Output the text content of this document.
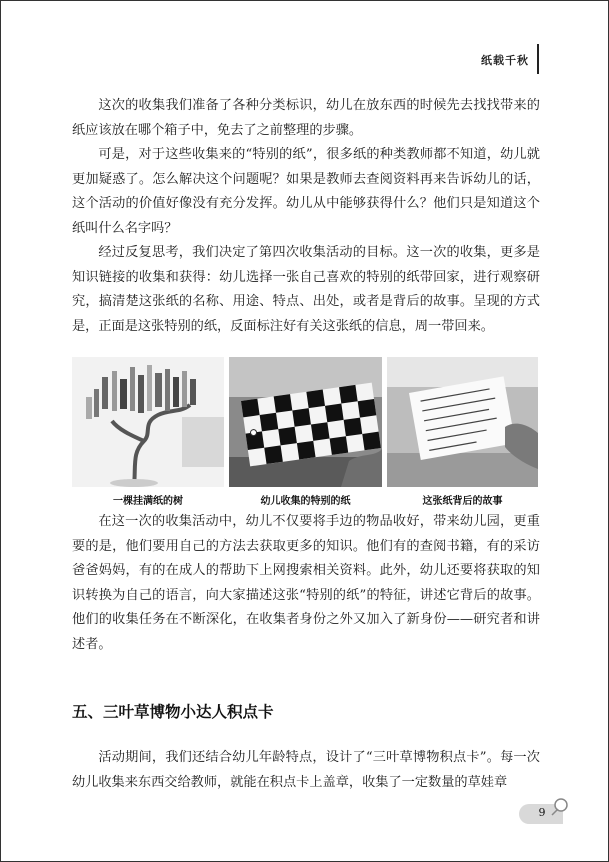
纸载千秋

这次的收集我们准备了各种分类标识，幼儿在放东西的时候先去找找带来的纸应该放在哪个箱子中，免去了之前整理的步骤。

可是，对于这些收集来的“特别的纸”，很多纸的种类教师都不知道，幼儿就更加疑惑了。怎么解决这个问题呢？如果是教师去查阅资料再来告诉幼儿的话，这个活动的价值好像没有充分发挥。幼儿从中能够获得什么？他们只是知道这个纸叫什么名字吗？

经过反复思考，我们决定了第四次收集活动的目标。这一次的收集，更多是知识链接的收集和获得：幼儿选择一张自己喜欢的特别的纸带回家，进行观察研究，搞清楚这张纸的名称、用途、特点、出处，或者是背后的故事。呈现的方式是，正面是这张特别的纸，反面标注好有关这张纸的信息，周一带回来。

一棵挂满纸的树	幼儿收集的特别的纸	这张纸背后的故事

在这一次的收集活动中，幼儿不仅要将手边的物品收好，带来幼儿园，更重要的是，他们要用自己的方法去获取更多的知识。他们有的查阅书籍，有的采访爸爸妈妈，有的在成人的帮助下上网搜索相关资料。此外，幼儿还要将获取的知识转换为自己的语言，向大家描述这张“特别的纸”的特征，讲述它背后的故事。他们的收集任务在不断深化，在收集者身份之外又加入了新身份——研究者和讲述者。

五、三叶草博物小达人积点卡

活动期间，我们还结合幼儿年龄特点，设计了“三叶草博物积点卡”。每一次幼儿收集来东西交给教师，就能在积点卡上盖章，收集了一定数量的草娃章

9
